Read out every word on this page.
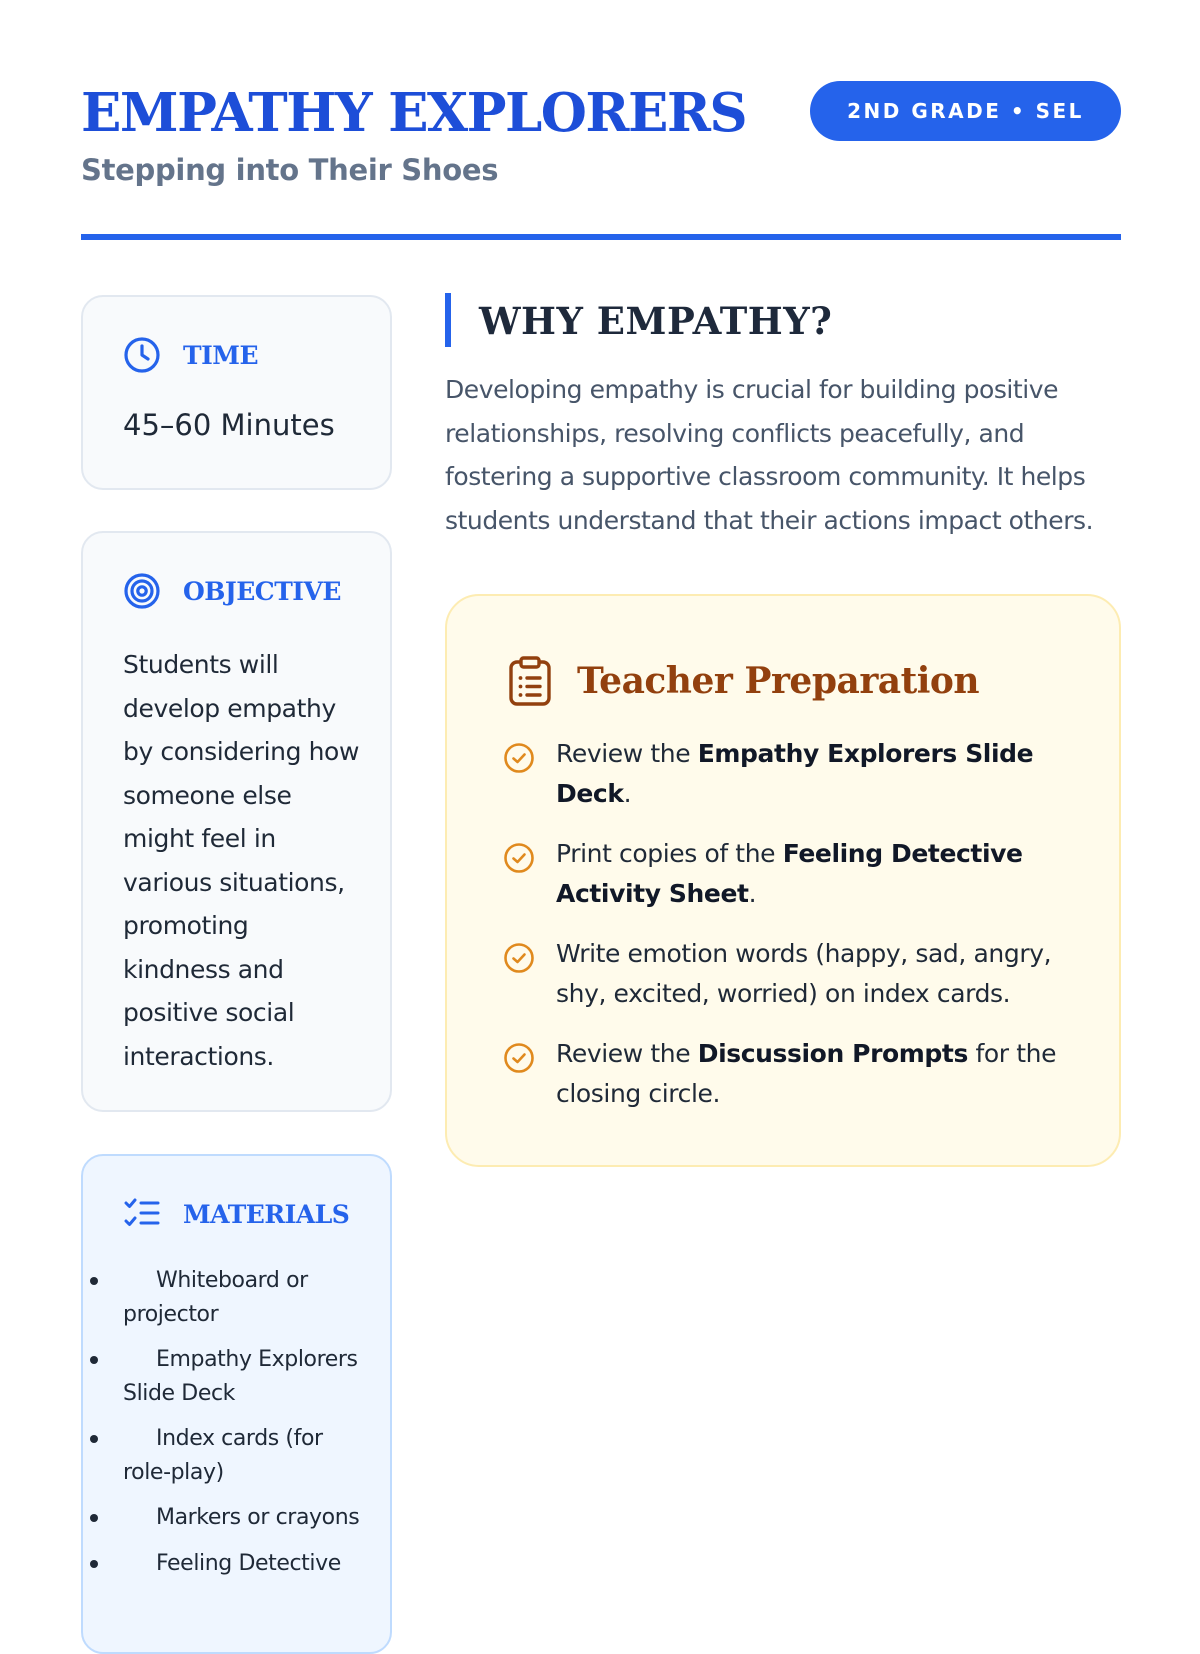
EMPATHY EXPLORERS
Stepping into Their Shoes
2ND GRADE • SEL
TIME
45–60 Minutes
OBJECTIVE
Students will develop empathy by considering how someone else might feel in various situations, promoting kindness and positive social interactions.
MATERIALS
Whiteboard or projector
Empathy Explorers Slide Deck
Index cards (for role-play)
Markers or crayons
Feeling Detective
WHY EMPATHY?

Developing empathy is crucial for building positive relationships, resolving conflicts peacefully, and fostering a supportive classroom community. It helps students understand that their actions impact others.

Teacher Preparation
Review the Empathy Explorers Slide Deck.
Print copies of the Feeling Detective Activity Sheet.
Write emotion words (happy, sad, angry, shy, excited, worried) on index cards.
Review the Discussion Prompts for the closing circle.
